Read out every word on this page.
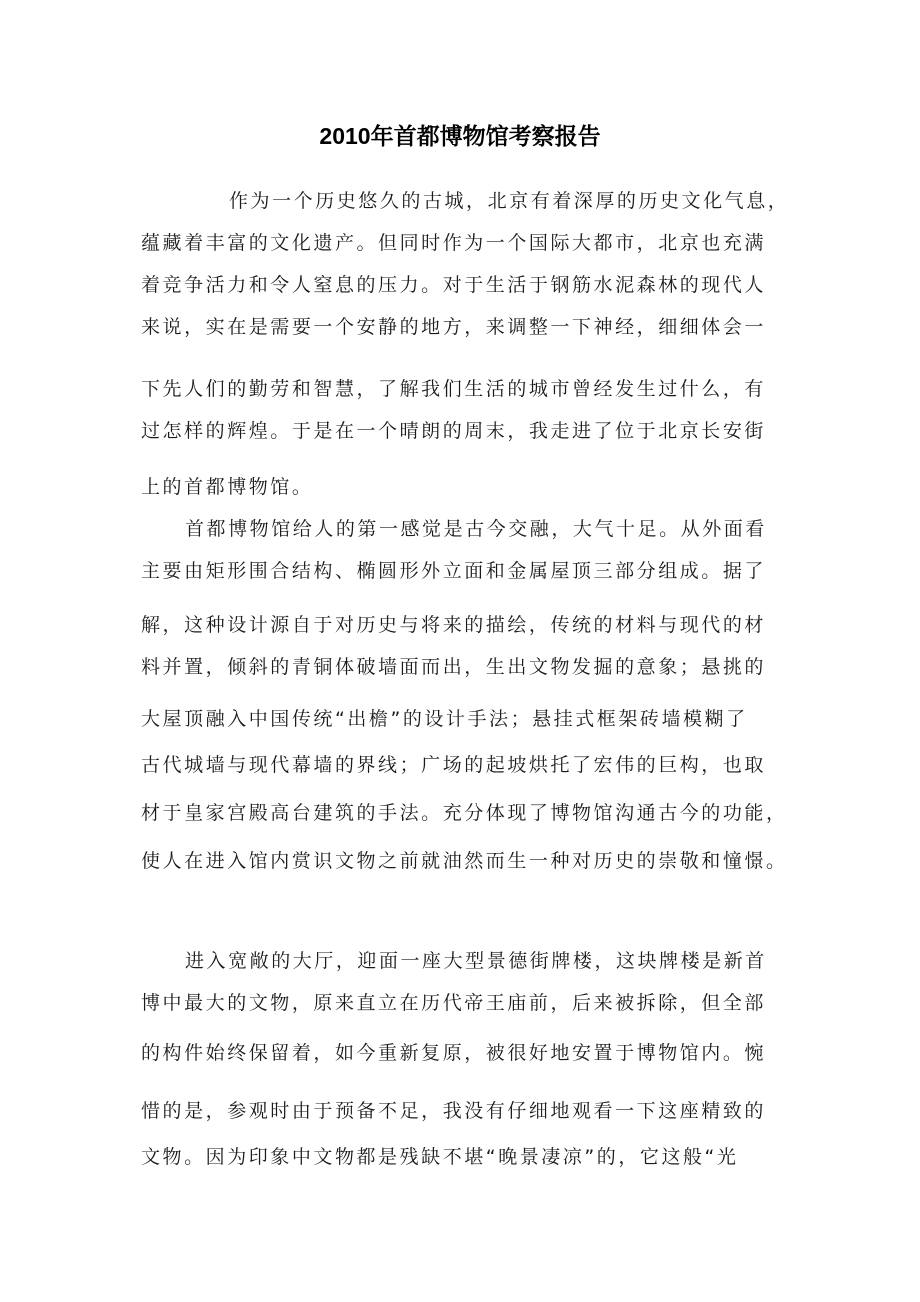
2010年首都博物馆考察报告
作为一个历史悠久的古城，北京有着深厚的历史文化气息，
蕴藏着丰富的文化遗产。但同时作为一个国际大都市，北京也充满
着竞争活力和令人窒息的压力。对于生活于钢筋水泥森林的现代人
来说，实在是需要一个安静的地方，来调整一下神经，细细体会一
下先人们的勤劳和智慧，了解我们生活的城市曾经发生过什么，有
过怎样的辉煌。于是在一个晴朗的周末，我走进了位于北京长安街
上的首都博物馆。
首都博物馆给人的第一感觉是古今交融，大气十足。从外面看
主要由矩形围合结构、椭圆形外立面和金属屋顶三部分组成。据了
解，这种设计源自于对历史与将来的描绘，传统的材料与现代的材
料并置，倾斜的青铜体破墙面而出，生出文物发掘的意象；悬挑的
大屋顶融入中国传统“出檐”的设计手法；悬挂式框架砖墙模糊了
古代城墙与现代幕墙的界线；广场的起坡烘托了宏伟的巨构，也取
材于皇家宫殿高台建筑的手法。充分体现了博物馆沟通古今的功能，
使人在进入馆内赏识文物之前就油然而生一种对历史的崇敬和憧憬。
进入宽敞的大厅，迎面一座大型景德街牌楼，这块牌楼是新首
博中最大的文物，原来直立在历代帝王庙前，后来被拆除，但全部
的构件始终保留着，如今重新复原，被很好地安置于博物馆内。惋
惜的是，参观时由于预备不足，我没有仔细地观看一下这座精致的
文物。因为印象中文物都是残缺不堪“晚景凄凉”的，它这般“光
